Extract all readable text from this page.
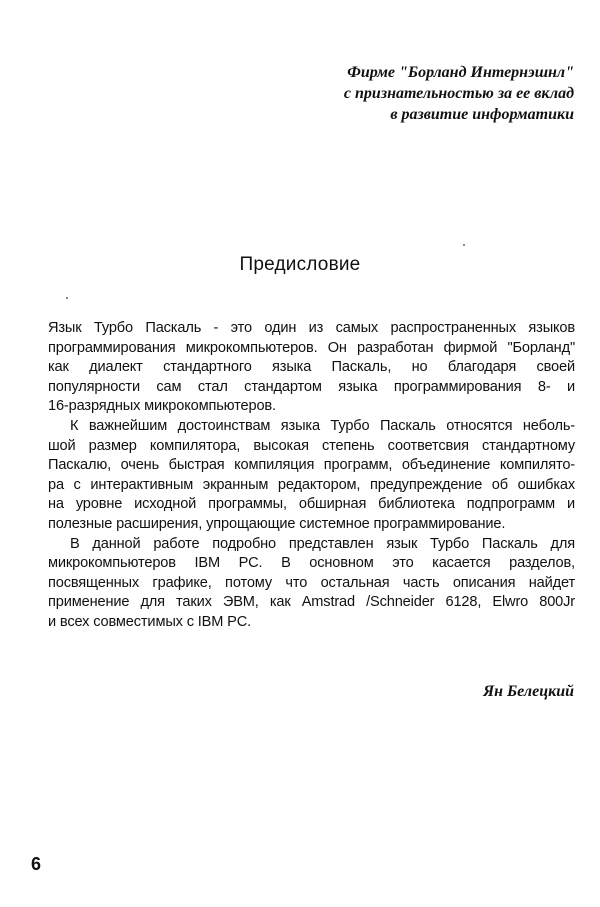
Фирме "Борланд Интернэшнл"
с признательностью за ее вклад
в развитие информатики
Предисловие

Язык Турбо Паскаль - это один из самых распространенных языков
программирования микрокомпьютеров. Он разработан фирмой "Борланд"
как диалект стандартного языка Паскаль, но благодаря своей
популярности сам стал стандартом языка программирования 8- и
16-разрядных микрокомпьютеров.

К важнейшим достоинствам языка Турбо Паскаль относятся неболь-
шой размер компилятора, высокая степень соответсвия стандартному
Паскалю, очень быстрая компиляция программ, объединение компилято-
ра с интерактивным экранным редактором, предупреждение об ошибках
на уровне исходной программы, обширная библиотека подпрограмм и
полезные расширения, упрощающие системное программирование.

В данной работе подробно представлен язык Турбо Паскаль для
микрокомпьютеров IBM PC. В основном это касается разделов,
посвященных графике, потому что остальная часть описания найдет
применение для таких ЭВМ, как Amstrad /Schneider 6128, Elwro 800Jr
и всех совместимых с IBM PC.

Ян Белецкий
6
